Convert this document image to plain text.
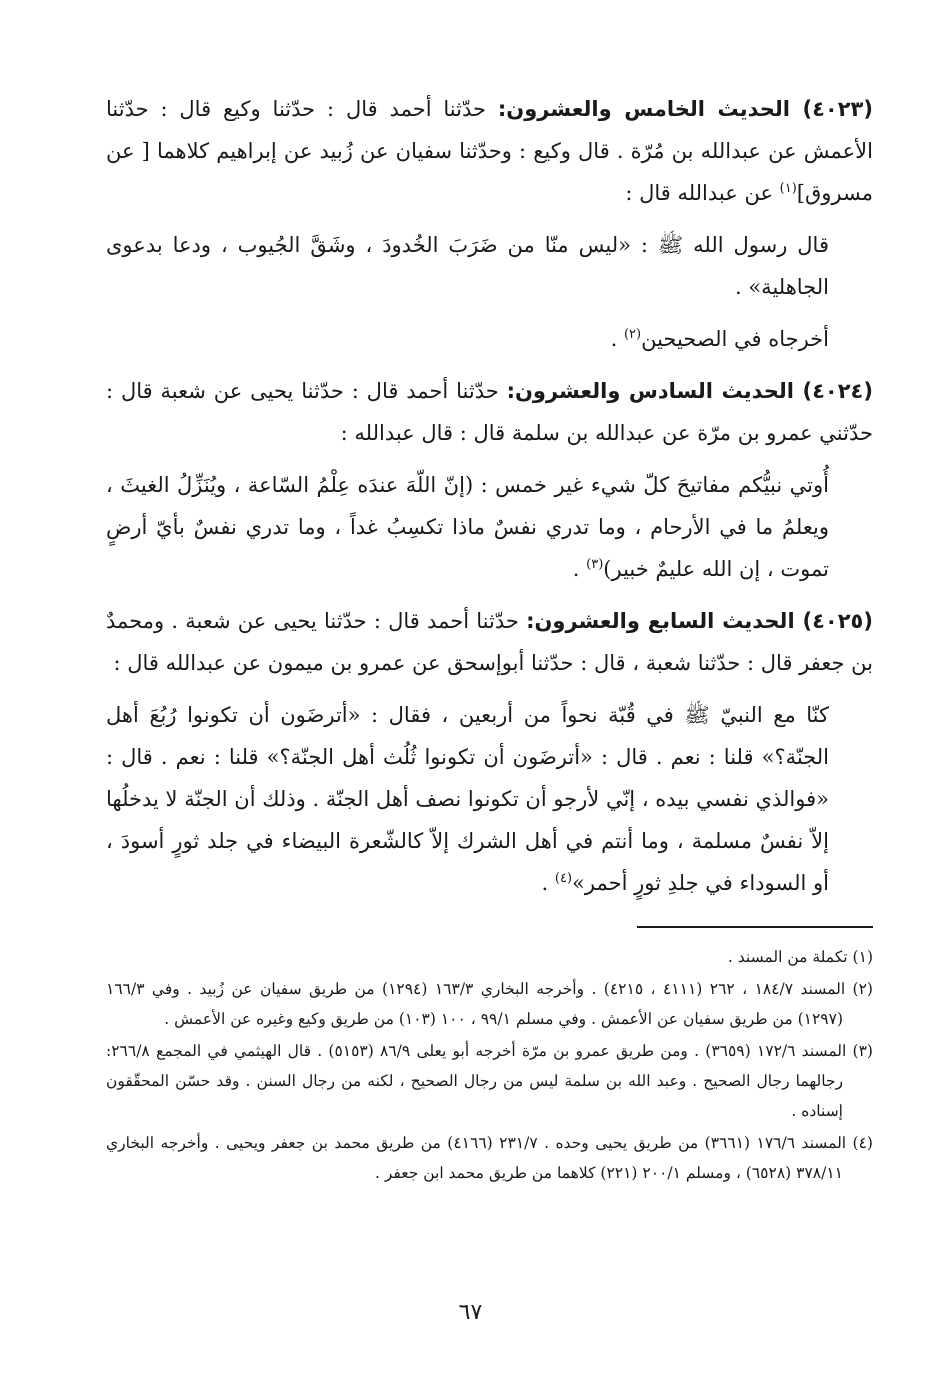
(٤٠٢٣) الحديث الخامس والعشرون: حدّثنا أحمد قال : حدّثنا وكيع قال : حدّثنا الأعمش عن عبدالله بن مُرّة . قال وكيع : وحدّثنا سفيان عن زُبيد عن إبراهيم كلاهما [ عن مسروق]$^{(١)}$ عن عبدالله قال :

قال رسول الله ﷺ : «ليس منّا من ضَرَبَ الخُدودَ ، وشَقَّ الجُيوب ، ودعا بدعوى الجاهلية» .

أخرجاه في الصحيحين$^{(٢)}$ .

(٤٠٢٤) الحديث السادس والعشرون: حدّثنا أحمد قال : حدّثنا يحيى عن شعبة قال : حدّثني عمرو بن مرّة عن عبدالله بن سلمة قال : قال عبدالله :

أُوتي نبيُّكم مفاتيحَ كلّ شيء غير خمس : (إنّ اللّهَ عندَه عِلْمُ السّاعة ، ويُنَزِّلُ الغيثَ ، ويعلمُ ما في الأرحام ، وما تدري نفسٌ ماذا تكسِبُ غداً ، وما تدري نفسٌ بأيّ أرضٍ تموت ، إن الله عليمٌ خبير)$^{(٣)}$ .

(٤٠٢٥) الحديث السابع والعشرون: حدّثنا أحمد قال : حدّثنا يحيى عن شعبة . ومحمدٌ بن جعفر قال : حدّثنا شعبة ، قال : حدّثنا أبوإسحق عن عمرو بن ميمون عن عبدالله قال :

كنّا مع النبيّ ﷺ في قُبّة نحواً من أربعين ، فقال : «أترضَون أن تكونوا رُبُعَ أهل الجنّة؟» قلنا : نعم . قال : «أترضَون أن تكونوا ثُلُث أهل الجنّة؟» قلنا : نعم . قال : «فوالذي نفسي بيده ، إنّي لأرجو أن تكونوا نصف أهل الجنّة . وذلك أن الجنّة لا يدخلُها إلاّ نفسٌ مسلمة ، وما أنتم في أهل الشرك إلاّ كالشّعرة البيضاء في جلد ثورٍ أسودَ ، أو السوداء في جلدِ ثورٍ أحمر»$^{(٤)}$ .

(١) تكملة من المسند .

(٢) المسند ١٨٤/٧ ، ٢٦٢ (٤١١١ ، ٤٢١٥) . وأخرجه البخاري ١٦٣/٣ (١٢٩٤) من طريق سفيان عن زُبيد . وفي ١٦٦/٣ (١٢٩٧) من طريق سفيان عن الأعمش . وفي مسلم ٩٩/١ ، ١٠٠ (١٠٣) من طريق وكيع وغيره عن الأعمش .

(٣) المسند ١٧٢/٦ (٣٦٥٩) . ومن طريق عمرو بن مرّة أخرجه أبو يعلى ٨٦/٩ (٥١٥٣) . قال الهيثمي في المجمع ٢٦٦/٨: رجالهما رجال الصحيح . وعبد الله بن سلمة ليس من رجال الصحيح ، لكنه من رجال السنن . وقد حسّن المحقّقون إسناده .

(٤) المسند ١٧٦/٦ (٣٦٦١) من طريق يحيى وحده . ٢٣١/٧ (٤١٦٦) من طريق محمد بن جعفر ويحيى . وأخرجه البخاري ٣٧٨/١١ (٦٥٢٨) ، ومسلم ٢٠٠/١ (٢٢١) كلاهما من طريق محمد ابن جعفر .

٦٧
